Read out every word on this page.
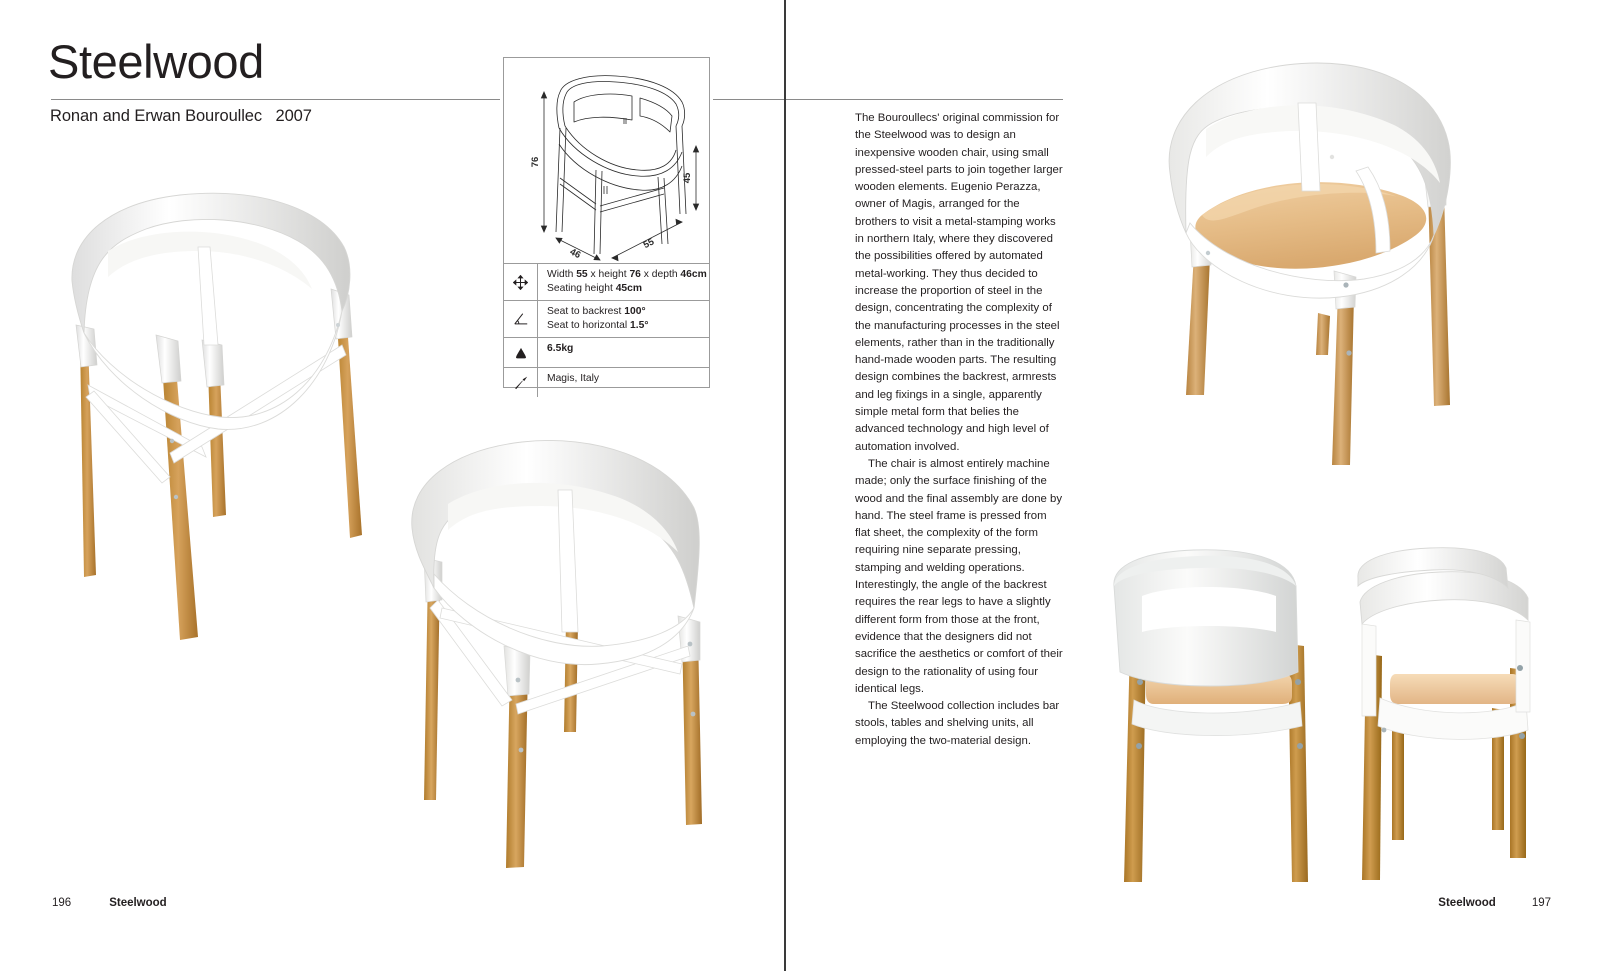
Steelwood
Ronan and Erwan Bouroullec   2007
76
45
46
55
Width 55 x height 76 x depth 46cm
Seating height 45cm
Seat to backrest 100°
Seat to horizontal 1.5°
6.5kg
Magis, Italy

The Bouroullecs' original commission for the Steelwood was to design an inexpensive wooden chair, using small pressed-steel parts to join together larger wooden elements. Eugenio Perazza, owner of Magis, arranged for the brothers to visit a metal-stamping works in northern Italy, where they discovered the possibilities offered by automated metal-working. They thus decided to increase the proportion of steel in the design, concentrating the complexity of the manufacturing processes in the steel elements, rather than in the traditionally hand-made wooden parts. The resulting design combines the backrest, armrests and leg fixings in a single, apparently simple metal form that belies the advanced technology and high level of automation involved.

The chair is almost entirely machine made; only the surface finishing of the wood and the final assembly are done by hand. The steel frame is pressed from flat sheet, the complexity of the form requiring nine separate pressing, stamping and welding operations. Interestingly, the angle of the backrest requires the rear legs to have a slightly different form from those at the front, evidence that the designers did not sacrifice the aesthetics or comfort of their design to the rationality of using four identical legs.

The Steelwood collection includes bar stools, tables and shelving units, all employing the two-material design.

196	Steelwood	Steelwood	197
